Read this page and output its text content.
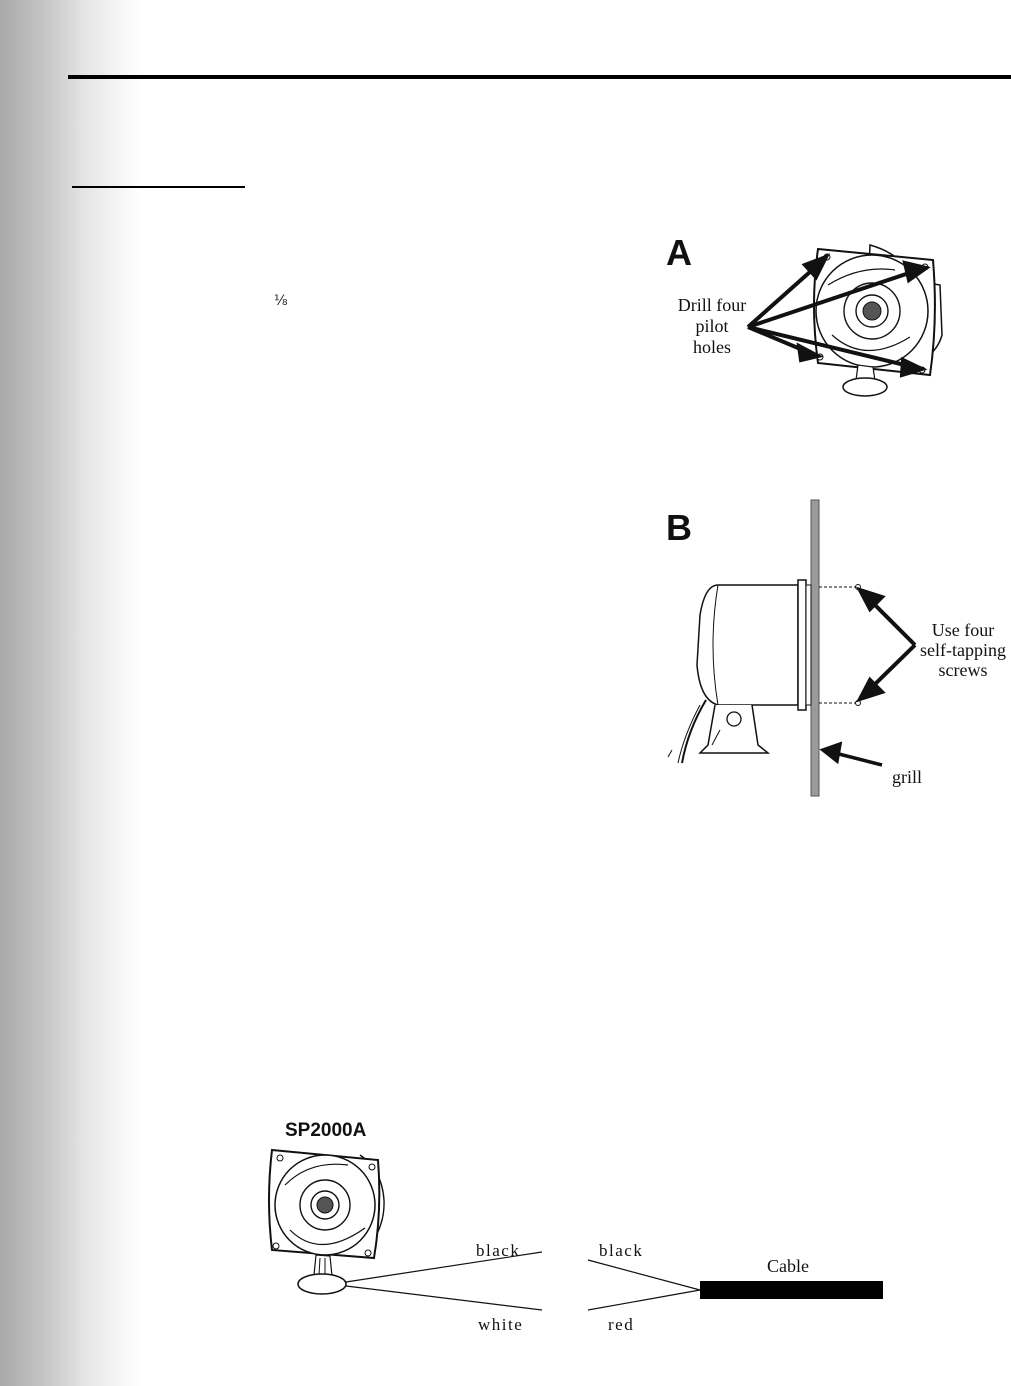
⅛
A
Drill four
pilot
holes
B
Use four
self-tapping
screws
grill
SP2000A
black
white
black
red
Cable
